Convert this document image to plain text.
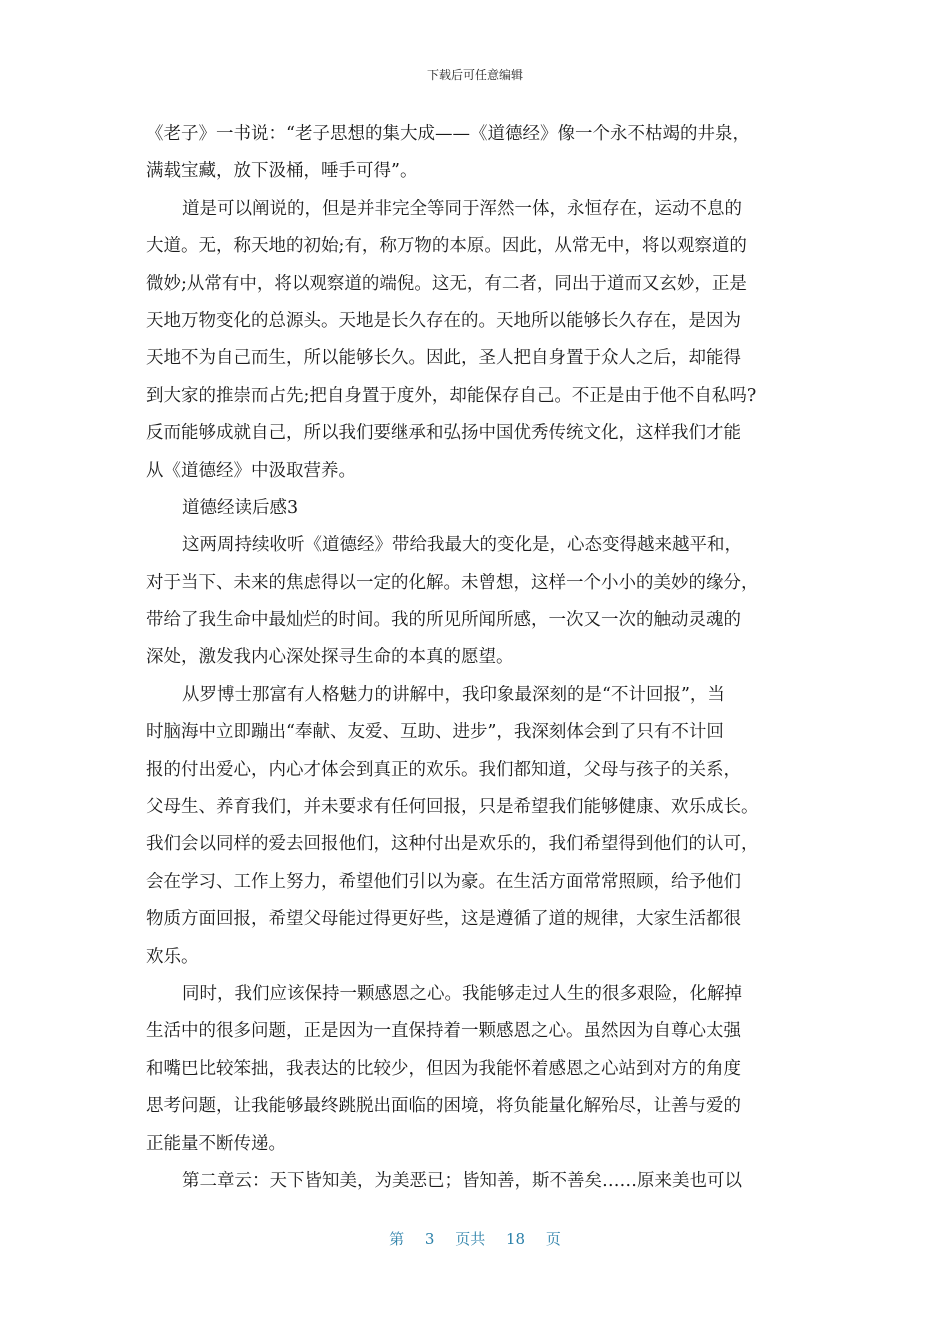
下载后可任意编辑
《老子》一书说：“老子思想的集大成——《道德经》像一个永不枯竭的井泉，
满载宝藏，放下汲桶，唾手可得”。
道是可以阐说的，但是并非完全等同于浑然一体，永恒存在，运动不息的
大道。无，称天地的初始;有，称万物的本原。因此，从常无中，将以观察道的
微妙;从常有中，将以观察道的端倪。这无，有二者，同出于道而又玄妙，正是
天地万物变化的总源头。天地是长久存在的。天地所以能够长久存在，是因为
天地不为自己而生，所以能够长久。因此，圣人把自身置于众人之后，却能得
到大家的推崇而占先;把自身置于度外，却能保存自己。不正是由于他不自私吗?
反而能够成就自己，所以我们要继承和弘扬中国优秀传统文化，这样我们才能
从《道德经》中汲取营养。
道德经读后感3
这两周持续收听《道德经》带给我最大的变化是，心态变得越来越平和，
对于当下、未来的焦虑得以一定的化解。未曾想，这样一个小小的美妙的缘分，
带给了我生命中最灿烂的时间。我的所见所闻所感，一次又一次的触动灵魂的
深处，激发我内心深处探寻生命的本真的愿望。
从罗博士那富有人格魅力的讲解中，我印象最深刻的是“不计回报”，当
时脑海中立即蹦出“奉献、友爱、互助、进步”，我深刻体会到了只有不计回
报的付出爱心，内心才体会到真正的欢乐。我们都知道，父母与孩子的关系，
父母生、养育我们，并未要求有任何回报，只是希望我们能够健康、欢乐成长。
我们会以同样的爱去回报他们，这种付出是欢乐的，我们希望得到他们的认可，
会在学习、工作上努力，希望他们引以为豪。在生活方面常常照顾，给予他们
物质方面回报，希望父母能过得更好些，这是遵循了道的规律，大家生活都很
欢乐。
同时，我们应该保持一颗感恩之心。我能够走过人生的很多艰险，化解掉
生活中的很多问题，正是因为一直保持着一颗感恩之心。虽然因为自尊心太强
和嘴巴比较笨拙，我表达的比较少，但因为我能怀着感恩之心站到对方的角度
思考问题，让我能够最终跳脱出面临的困境，将负能量化解殆尽，让善与爱的
正能量不断传递。
第二章云：天下皆知美，为美恶已；皆知善，斯不善矣……原来美也可以
第 3 页共 18 页
